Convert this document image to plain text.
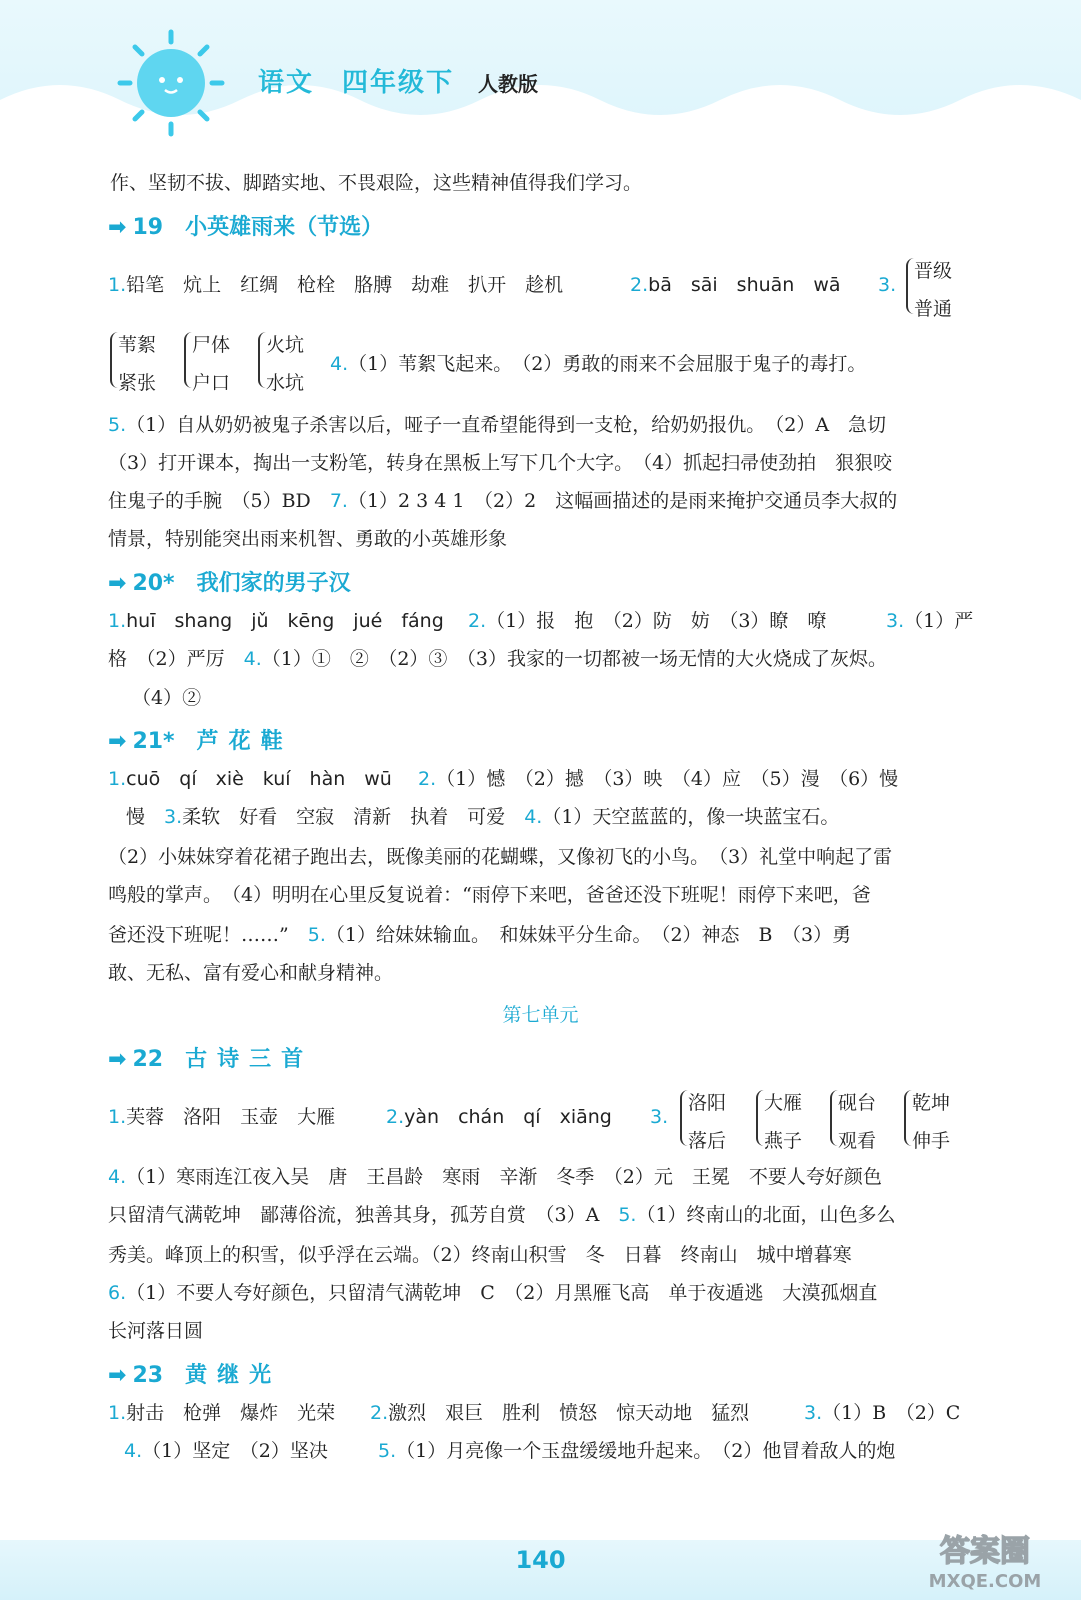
语文 四年级下 人教版
作、坚韧不拔、脚踏实地、不畏艰险，这些精神值得我们学习。
➡ 19 小英雄雨来（节选）
1.铅笔　炕上　红绸　枪栓　胳膊　劫难　扒开　趁机	2.bā　sāi　shuān　wā 3.
晋级
普通
苇絮
紧张
尸体
户口
火坑
水坑
4.（1）苇絮飞起来。　（2）勇敢的雨来不会屈服于鬼子的毒打。
5.（1）自从奶奶被鬼子杀害以后，哑子一直希望能得到一支枪，给奶奶报仇。　（2）A　急切
（3）打开课本，掏出一支粉笔，转身在黑板上写下几个大字。　（4）抓起扫帚使劲拍　狠狠咬
住鬼子的手腕　（5）BD　 7.（1）2 3 4 1　（2）2　这幅画描述的是雨来掩护交通员李大叔的
情景，特别能突出雨来机智、勇敢的小英雄形象
➡ 20* 我们家的男子汉
1.huī　shang　jǔ　kēng　jué　fáng 2.（1）报　抱　（2）防　妨　（3）瞭　嘹	3.（1）严
格　（2）严厉　 4.（1）①　②　（2）③　（3）我家的一切都被一场无情的大火烧成了灰烬。
（4）②
➡ 21* 芦花鞋
1.cuō　qí　xiè　kuí　hàn　wū 2.（1）憾　（2）撼　（3）映　（4）应　（5）漫　（6）慢
慢　 3.柔软　好看　空寂　清新　执着　可爱　 4.（1）天空蓝蓝的，像一块蓝宝石。
（2）小妹妹穿着花裙子跑出去，既像美丽的花蝴蝶，又像初飞的小鸟。　（3）礼堂中响起了雷
鸣般的掌声。　（4）明明在心里反复说着：“雨停下来吧，爸爸还没下班呢！雨停下来吧，爸
爸还没下班呢！……”　 5.（1）给妹妹输血。　和妹妹平分生命。　（2）神态　B　（3）勇
敢、无私、富有爱心和献身精神。
第七单元
➡ 22 古诗三首
1.芙蓉　洛阳　玉壶　大雁	2.yàn　chán　qí　xiāng 3.
洛阳
落后
大雁
燕子
砚台
观看
乾坤
伸手
4.（1）寒雨连江夜入吴　唐　王昌龄　寒雨　辛渐　冬季　（2）元　王冕　不要人夸好颜色
只留清气满乾坤　鄙薄俗流，独善其身，孤芳自赏　（3）A　 5.（1）终南山的北面，山色多么
秀美。峰顶上的积雪，似乎浮在云端。（2）终南山积雪　冬　日暮　终南山　城中增暮寒
6.（1）不要人夸好颜色，只留清气满乾坤　C　（2）月黑雁飞高　单于夜遁逃　大漠孤烟直
长河落日圆
➡ 23 黄继光
1.射击　枪弹　爆炸　光荣 2.激烈　艰巨　胜利　愤怒　惊天动地　猛烈	3.（1）B　（2）C
4.（1）坚定　（2）坚决	5.（1）月亮像一个玉盘缓缓地升起来。　（2）他冒着敌人的炮
140	答案圈
MXQE.COM
